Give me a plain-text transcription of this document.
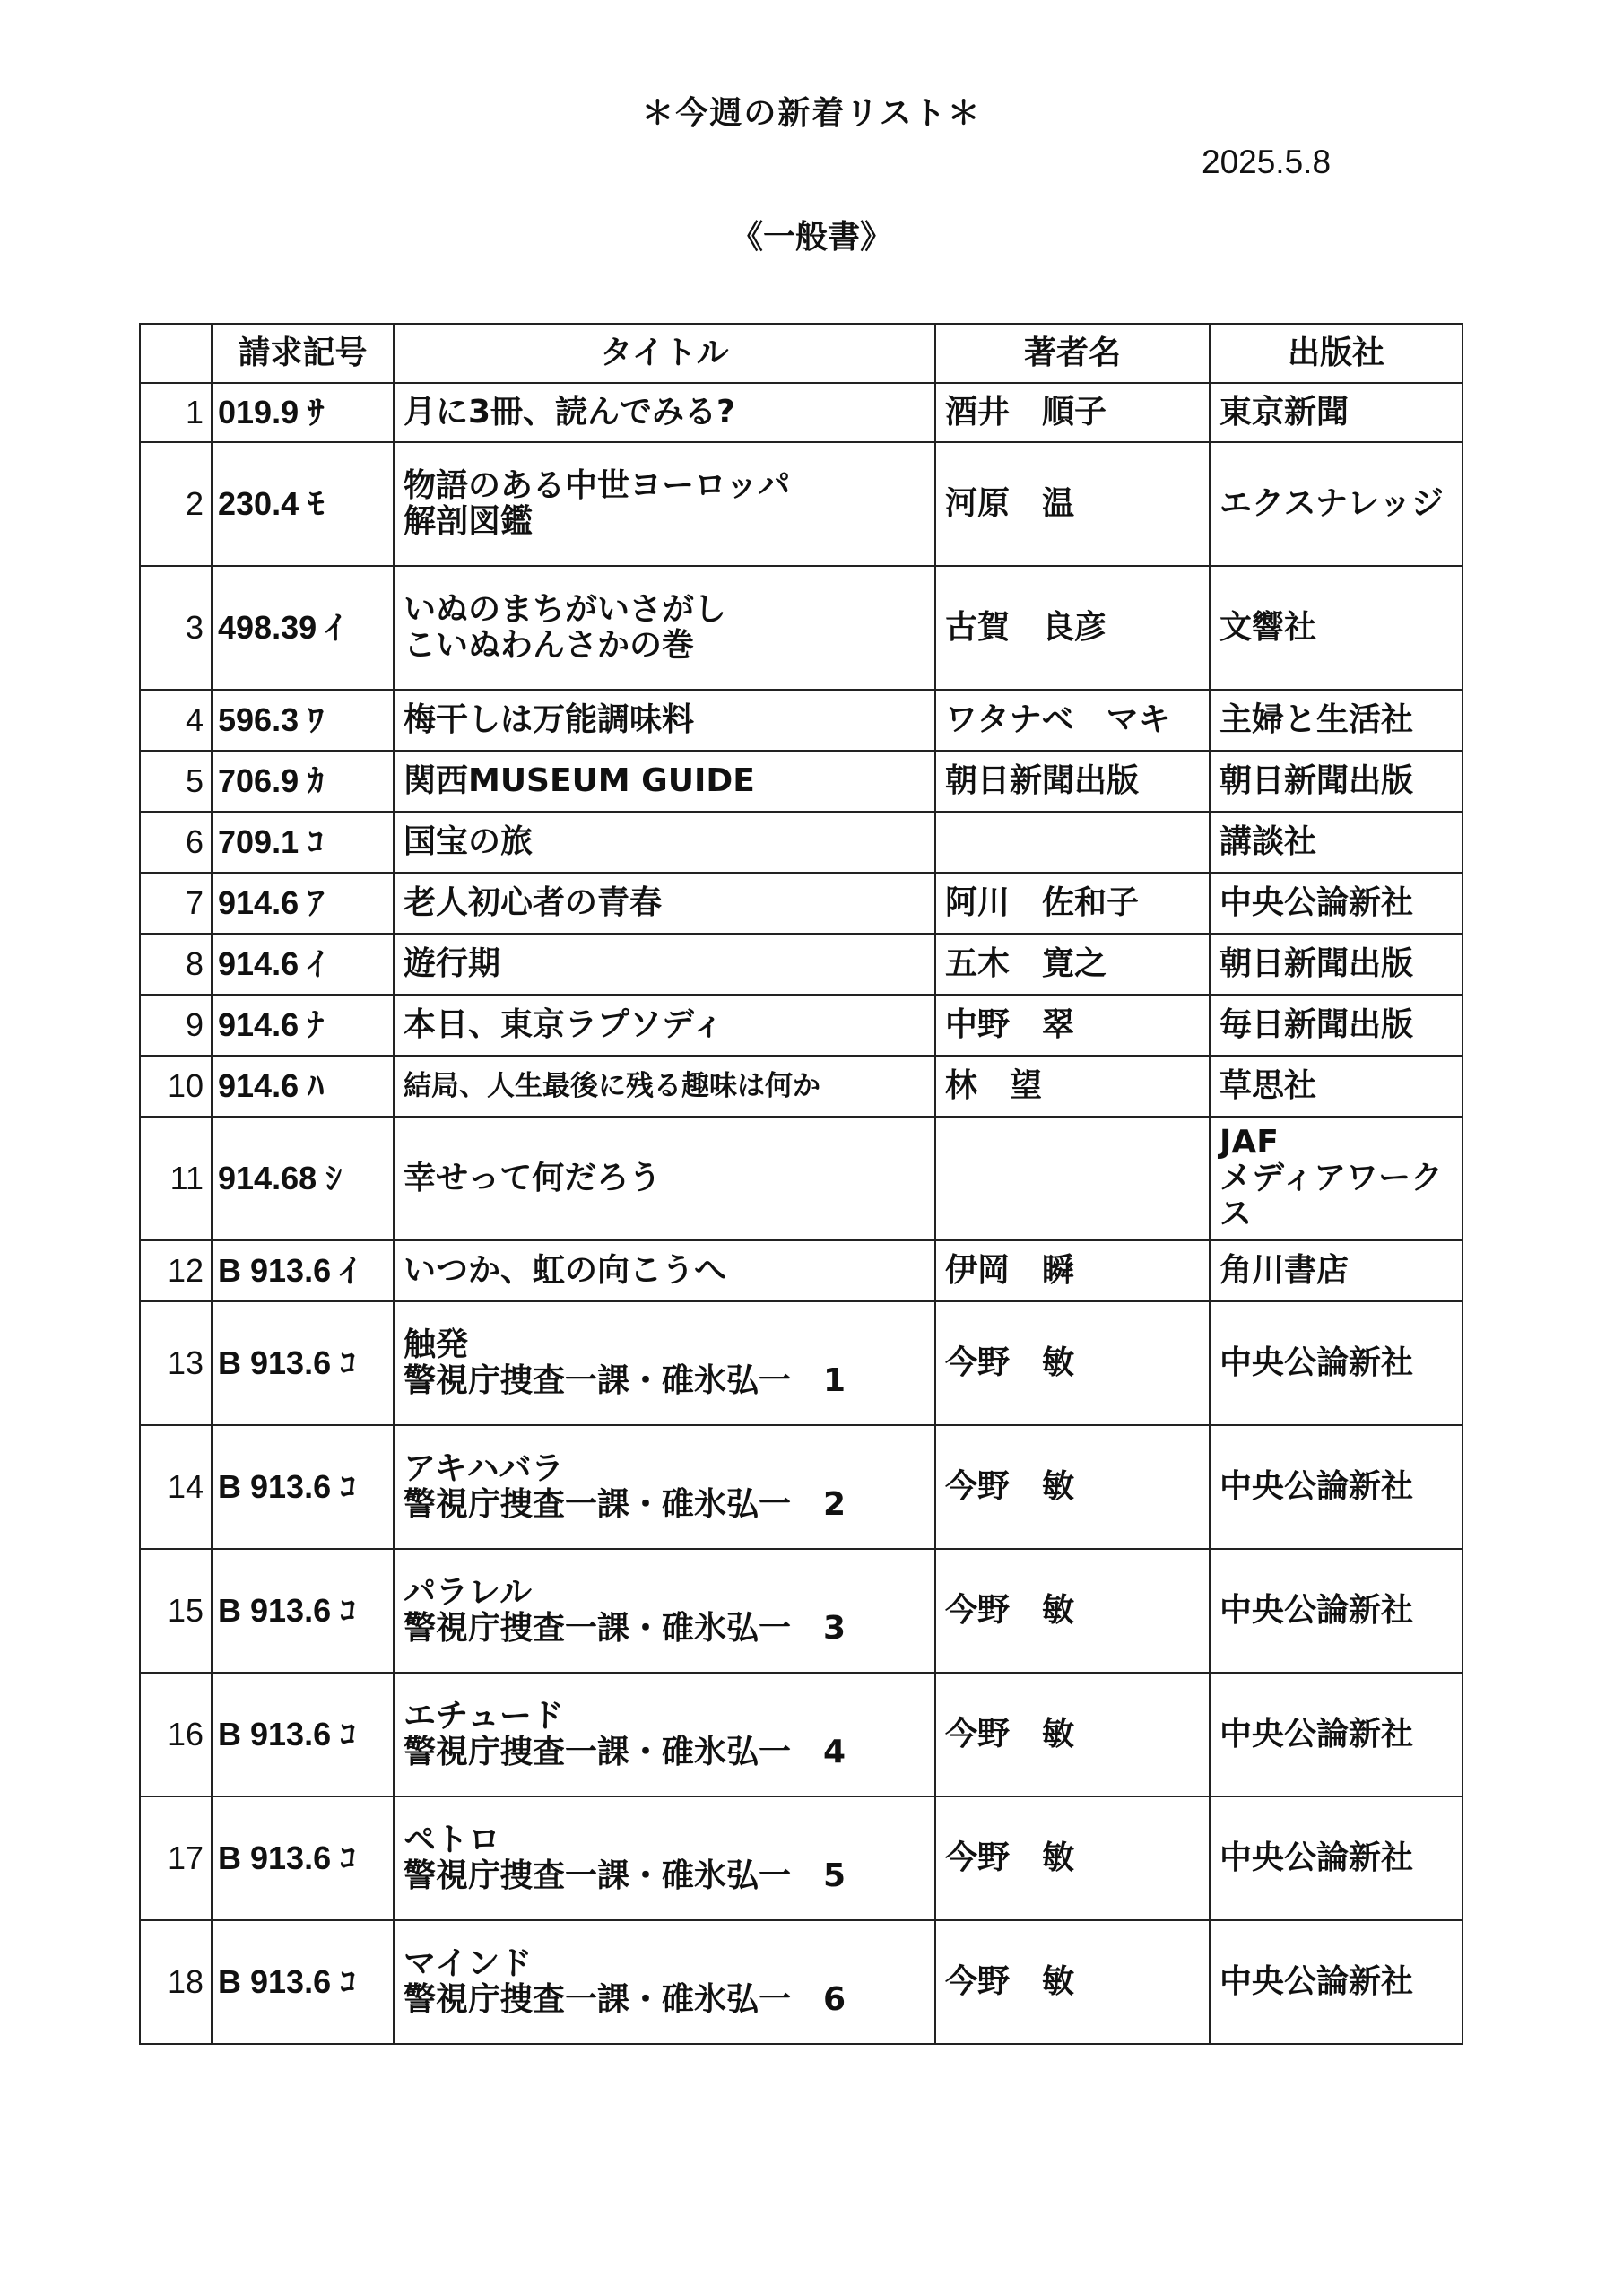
＊今週の新着リスト＊
2025.5.8
《一般書》
	請求記号	タイトル	著者名	出版社
1	019.9 ｻ	月に3冊、読んでみる?	酒井　順子	東京新聞

2	230.4 ﾓ	物語のある中世ヨーロッパ
解剖図鑑	河原　温	エクスナレッジ

3	498.39 ｲ	いぬのまちがいさがし
こいぬわんさかの巻	古賀　良彦	文響社

4	596.3 ﾜ	梅干しは万能調味料	ワタナベ　マキ	主婦と生活社

5	706.9 ｶ	関西MUSEUM GUIDE	朝日新聞出版	朝日新聞出版

6	709.1 ｺ	国宝の旅		講談社

7	914.6 ｱ	老人初心者の青春	阿川　佐和子	中央公論新社

8	914.6 ｲ	遊行期	五木　寛之	朝日新聞出版

9	914.6 ﾅ	本日、東京ラプソディ	中野　翠	毎日新聞出版

10	914.6 ﾊ	結局、人生最後に残る趣味は何か	林　望	草思社

11	914.68 ｼ	幸せって何だろう		JAF
メディアワーク
ス

12	B 913.6 ｲ	いつか、虹の向こうへ	伊岡　瞬	角川書店

13	B 913.6 ｺ	触発
警視庁捜査一課・碓氷弘一　1	今野　敏	中央公論新社

14	B 913.6 ｺ	アキハバラ
警視庁捜査一課・碓氷弘一　2	今野　敏	中央公論新社

15	B 913.6 ｺ	パラレル
警視庁捜査一課・碓氷弘一　3	今野　敏	中央公論新社

16	B 913.6 ｺ	エチュード
警視庁捜査一課・碓氷弘一　4	今野　敏	中央公論新社

17	B 913.6 ｺ	ペトロ
警視庁捜査一課・碓氷弘一　5	今野　敏	中央公論新社

18	B 913.6 ｺ	マインド
警視庁捜査一課・碓氷弘一　6	今野　敏	中央公論新社
